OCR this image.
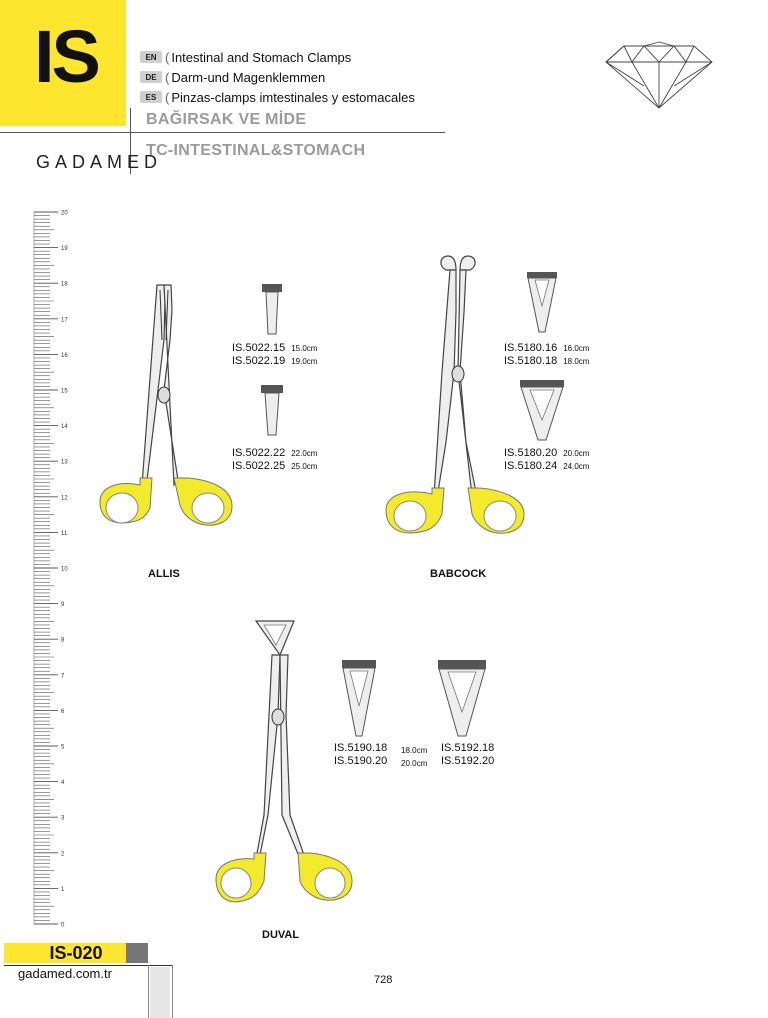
IS	EN ( Intestinal and Stomach Clamps
DE ( Darm-und Magenklemmen
ES ( Pinzas-clamps imtestinales y estomacales
BAĞIRSAK VE MİDE
TC-INTESTINAL&STOMACH
GADAMED
20
19
18
17
16
15
14
13
12
11
10
9
8
7
6
5
4
3
2
1
0
ALLIS
IS.5022.15 15.0cm
IS.5022.19 19.0cm
IS.5022.22 22.0cm
IS.5022.25 25.0cm
BABCOCK
IS.5180.16 16.0cm
IS.5180.18 18.0cm
IS.5180.20 20.0cm
IS.5180.24 24.0cm
DUVAL
IS.5190.18
IS.5190.20
18.0cm
20.0cm
IS.5192.18
IS.5192.20
IS-020
gadamed.com.tr	728
